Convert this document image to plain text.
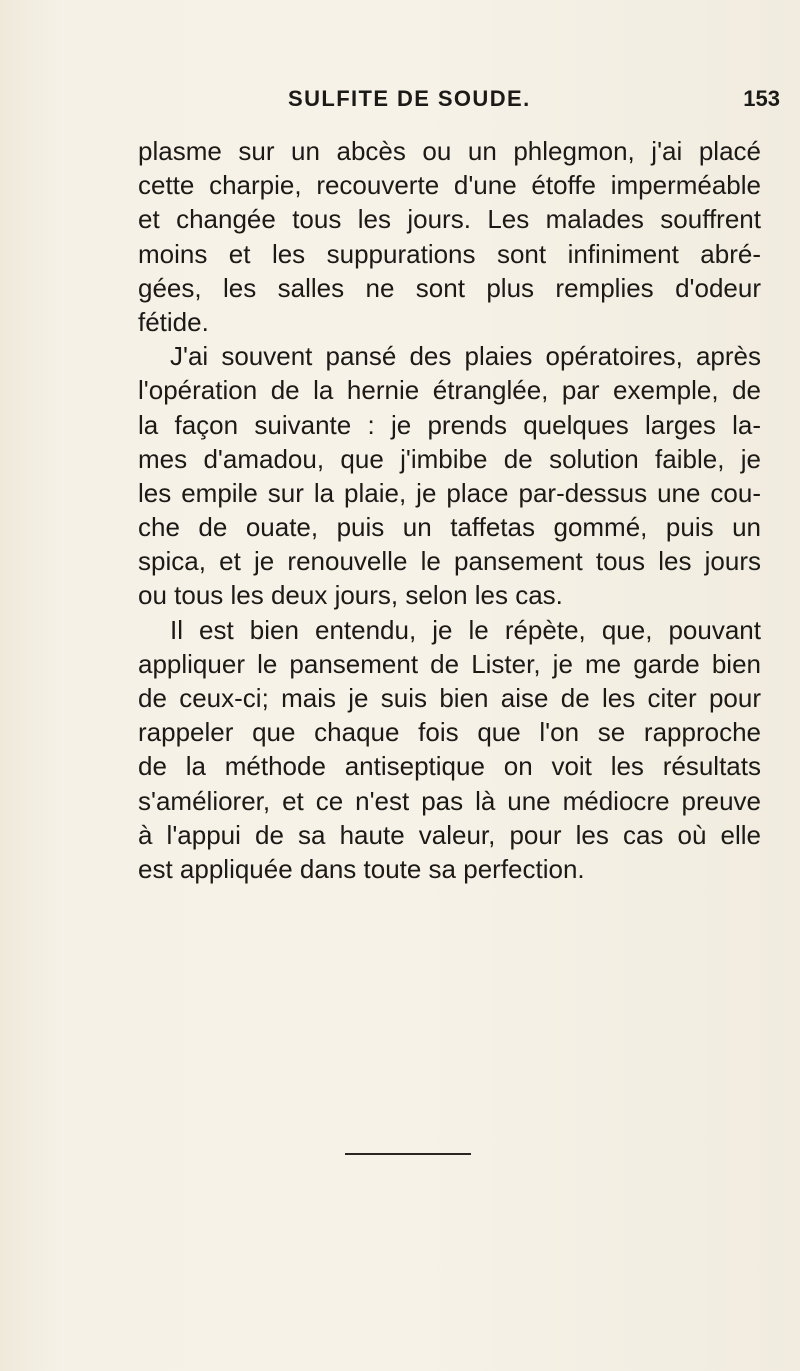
SULFITE DE SOUDE.	153
plasme sur un abcès ou un phlegmon, j'ai placé
cette charpie, recouverte d'une étoffe imperméable
et changée tous les jours. Les malades souffrent
moins et les suppurations sont infiniment abré-
gées, les salles ne sont plus remplies d'odeur
fétide.
J'ai souvent pansé des plaies opératoires, après
l'opération de la hernie étranglée, par exemple, de
la façon suivante : je prends quelques larges la-
mes d'amadou, que j'imbibe de solution faible, je
les empile sur la plaie, je place par-dessus une cou-
che de ouate, puis un taffetas gommé, puis un
spica, et je renouvelle le pansement tous les jours
ou tous les deux jours, selon les cas.
Il est bien entendu, je le répète, que, pouvant
appliquer le pansement de Lister, je me garde bien
de ceux-ci; mais je suis bien aise de les citer pour
rappeler que chaque fois que l'on se rapproche
de la méthode antiseptique on voit les résultats
s'améliorer, et ce n'est pas là une médiocre preuve
à l'appui de sa haute valeur, pour les cas où elle
est appliquée dans toute sa perfection.
